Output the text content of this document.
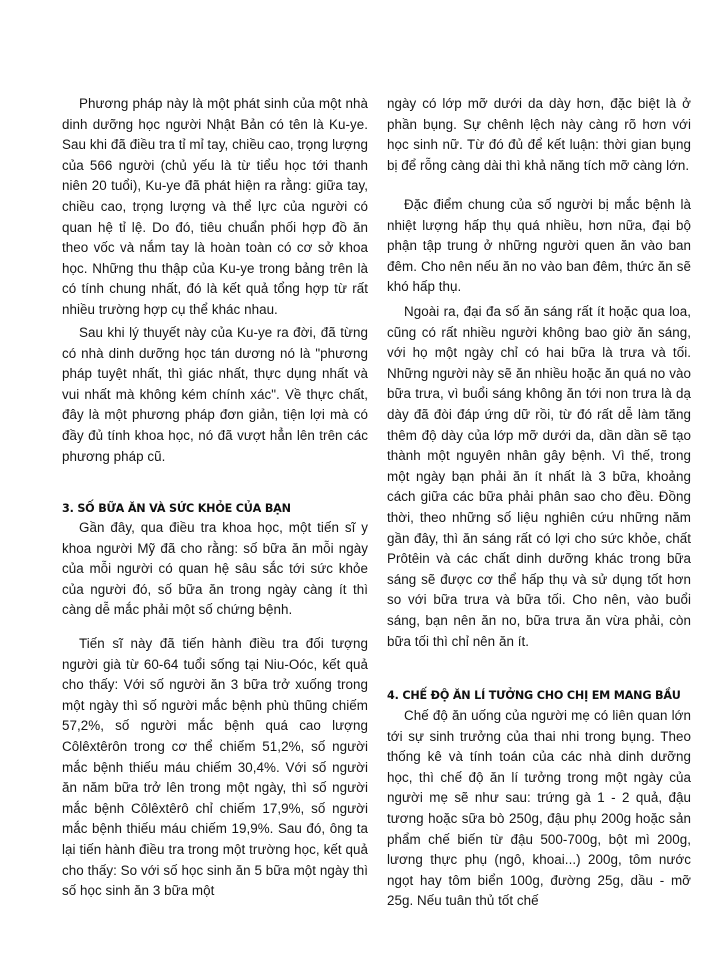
Phương pháp này là một phát sinh của một nhà dinh dưỡng học người Nhật Bản có tên là Ku-ye. Sau khi đã điều tra tỉ mỉ tay, chiều cao, trọng lượng của 566 người (chủ yếu là từ tiểu học tới thanh niên 20 tuổi), Ku-ye đã phát hiện ra rằng: giữa tay, chiều cao, trọng lượng và thể lực của người có quan hệ tỉ lệ. Do đó, tiêu chuẩn phối hợp đồ ăn theo vốc và nắm tay là hoàn toàn có cơ sở khoa học. Những thu thập của Ku-ye trong bảng trên là có tính chung nhất, đó là kết quả tổng hợp từ rất nhiều trường hợp cụ thể khác nhau.

Sau khi lý thuyết này của Ku-ye ra đời, đã từng có nhà dinh dưỡng học tán dương nó là "phương pháp tuyệt nhất, thì giác nhất, thực dụng nhất và vui nhất mà không kém chính xác". Về thực chất, đây là một phương pháp đơn giản, tiện lợi mà có đầy đủ tính khoa học, nó đã vượt hẳn lên trên các phương pháp cũ.

3. SỐ BỮA ĂN VÀ SỨC KHỎE CỦA BẠN

Gần đây, qua điều tra khoa học, một tiến sĩ y khoa người Mỹ đã cho rằng: số bữa ăn mỗi ngày của mỗi người có quan hệ sâu sắc tới sức khỏe của người đó, số bữa ăn trong ngày càng ít thì càng dễ mắc phải một số chứng bệnh.

Tiến sĩ này đã tiến hành điều tra đối tượng người già từ 60-64 tuổi sống tại Niu-Oóc, kết quả cho thấy: Với số người ăn 3 bữa trở xuống trong một ngày thì số người mắc bệnh phù thũng chiếm 57,2%, số người mắc bệnh quá cao lượng Côlêxtêrôn trong cơ thể chiếm 51,2%, số người mắc bệnh thiếu máu chiếm 30,4%. Với số người ăn năm bữa trở lên trong một ngày, thì số người mắc bệnh Côlêxtêrô chỉ chiếm 17,9%, số người mắc bệnh thiếu máu chiếm 19,9%. Sau đó, ông ta lại tiến hành điều tra trong một trường học, kết quả cho thấy: So với số học sinh ăn 5 bữa một ngày thì số học sinh ăn 3 bữa một

ngày có lớp mỡ dưới da dày hơn, đặc biệt là ở phần bụng. Sự chênh lệch này càng rõ hơn với học sinh nữ. Từ đó đủ để kết luận: thời gian bụng bị để rỗng càng dài thì khả năng tích mỡ càng lớn.

Đặc điểm chung của số người bị mắc bệnh là nhiệt lượng hấp thụ quá nhiều, hơn nữa, đại bộ phận tập trung ở những người quen ăn vào ban đêm. Cho nên nếu ăn no vào ban đêm, thức ăn sẽ khó hấp thụ.

Ngoài ra, đại đa số ăn sáng rất ít hoặc qua loa, cũng có rất nhiều người không bao giờ ăn sáng, với họ một ngày chỉ có hai bữa là trưa và tối. Những người này sẽ ăn nhiều hoặc ăn quá no vào bữa trưa, vì buổi sáng không ăn tới non trưa là dạ dày đã đòi đáp ứng dữ rồi, từ đó rất dễ làm tăng thêm độ dày của lớp mỡ dưới da, dần dần sẽ tạo thành một nguyên nhân gây bệnh. Vì thế, trong một ngày bạn phải ăn ít nhất là 3 bữa, khoảng cách giữa các bữa phải phân sao cho đều. Đồng thời, theo những số liệu nghiên cứu những năm gần đây, thì ăn sáng rất có lợi cho sức khỏe, chất Prôtêin và các chất dinh dưỡng khác trong bữa sáng sẽ được cơ thể hấp thụ và sử dụng tốt hơn so với bữa trưa và bữa tối. Cho nên, vào buổi sáng, bạn nên ăn no, bữa trưa ăn vừa phải, còn bữa tối thì chỉ nên ăn ít.

4. CHẾ ĐỘ ĂN LÍ TƯỞNG CHO CHỊ EM MANG BẦU

Chế độ ăn uống của người mẹ có liên quan lớn tới sự sinh trưởng của thai nhi trong bụng. Theo thống kê và tính toán của các nhà dinh dưỡng học, thì chế độ ăn lí tưởng trong một ngày của người mẹ sẽ như sau: trứng gà 1 - 2 quả, đậu tương hoặc sữa bò 250g, đậu phụ 200g hoặc sản phẩm chế biến từ đậu 500-700g, bột mì 200g, lương thực phụ (ngô, khoai...) 200g, tôm nước ngọt hay tôm biển 100g, đường 25g, dầu - mỡ 25g. Nếu tuân thủ tốt chế
